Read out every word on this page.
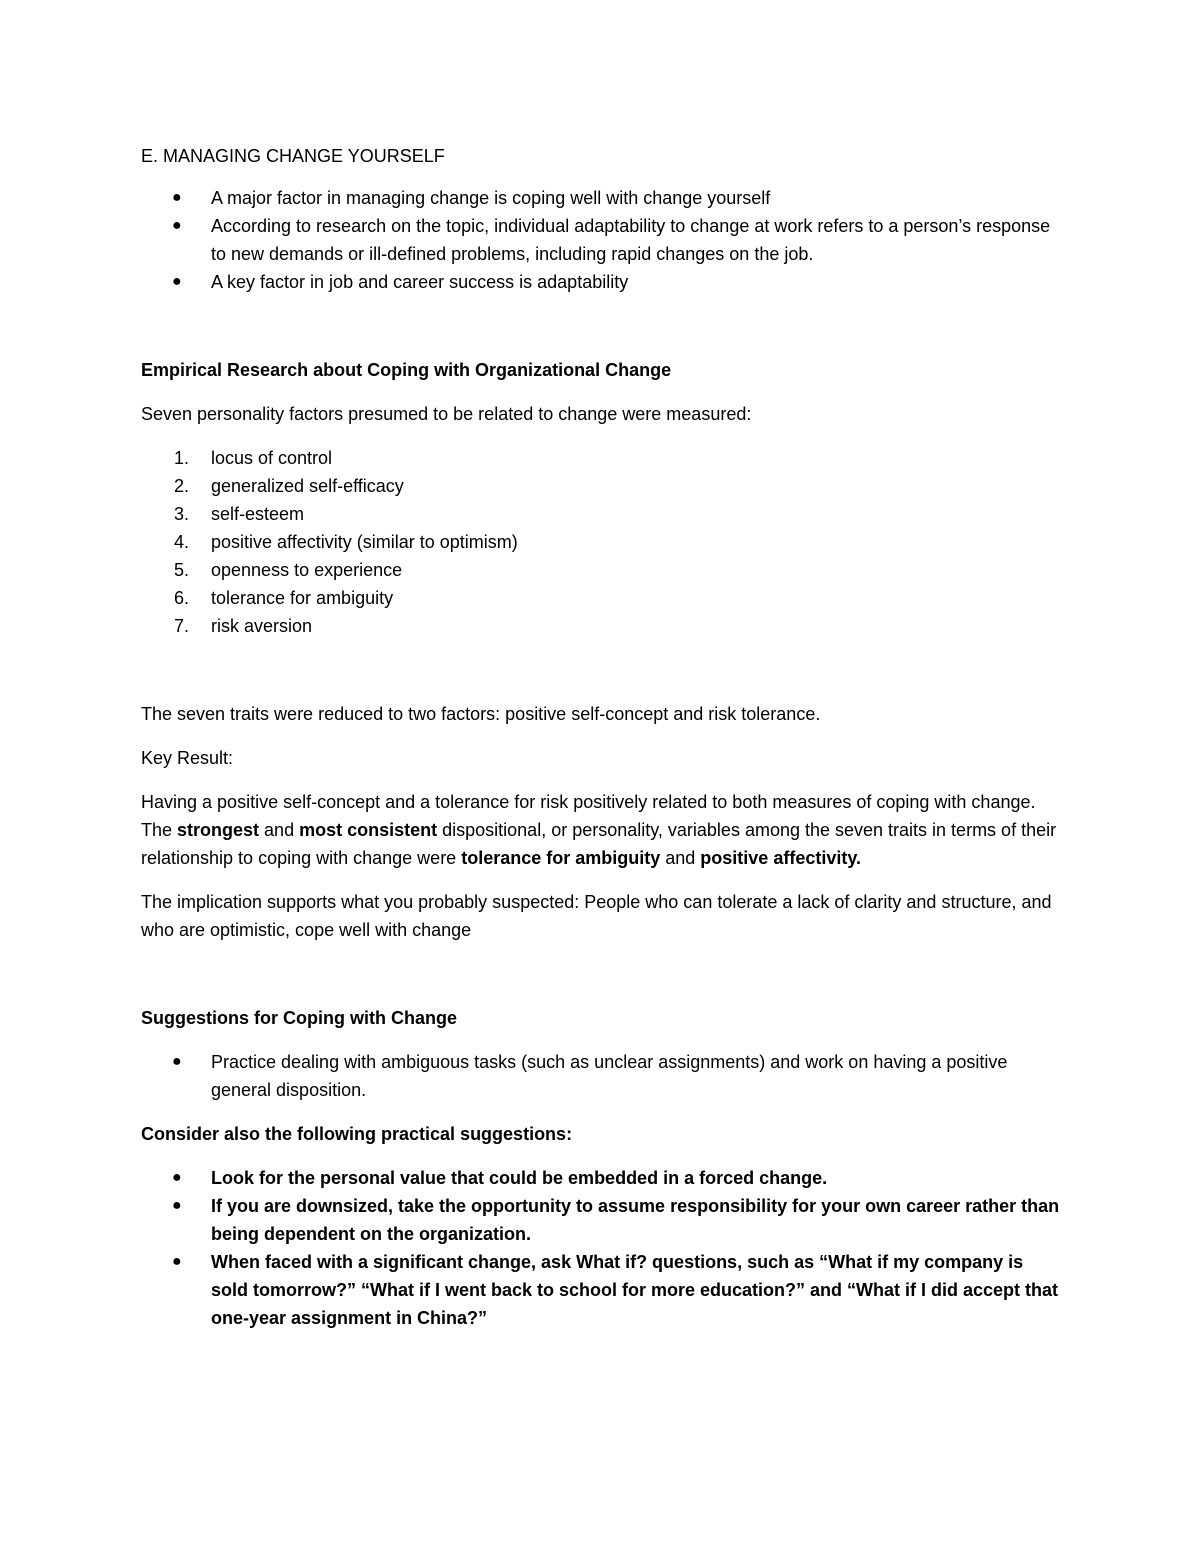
E. MANAGING CHANGE YOURSELF
● A major factor in managing change is coping well with change yourself
● According to research on the topic, individual adaptability to change at work refers to a person’s response to new demands or ill-defined problems, including rapid changes on the job.
● A key factor in job and career success is adaptability
Empirical Research about Coping with Organizational Change

Seven personality factors presumed to be related to change were measured:

1. locus of control
2. generalized self-efficacy
3. self-esteem
4. positive affectivity (similar to optimism)
5. openness to experience
6. tolerance for ambiguity
7. risk aversion

The seven traits were reduced to two factors: positive self-concept and risk tolerance.

Key Result:

Having a positive self-concept and a tolerance for risk positively related to both measures of coping with change. The strongest and most consistent dispositional, or personality, variables among the seven traits in terms of their relationship to coping with change were tolerance for ambiguity and positive affectivity.

The implication supports what you probably suspected: People who can tolerate a lack of clarity and structure, and who are optimistic, cope well with change

Suggestions for Coping with Change
● Practice dealing with ambiguous tasks (such as unclear assignments) and work on having a positive general disposition.

Consider also the following practical suggestions:

● Look for the personal value that could be embedded in a forced change.
● If you are downsized, take the opportunity to assume responsibility for your own career rather than being dependent on the organization.
● When faced with a significant change, ask What if? questions, such as “What if my company is sold tomorrow?” “What if I went back to school for more education?” and “What if I did accept that one-year assignment in China?”
